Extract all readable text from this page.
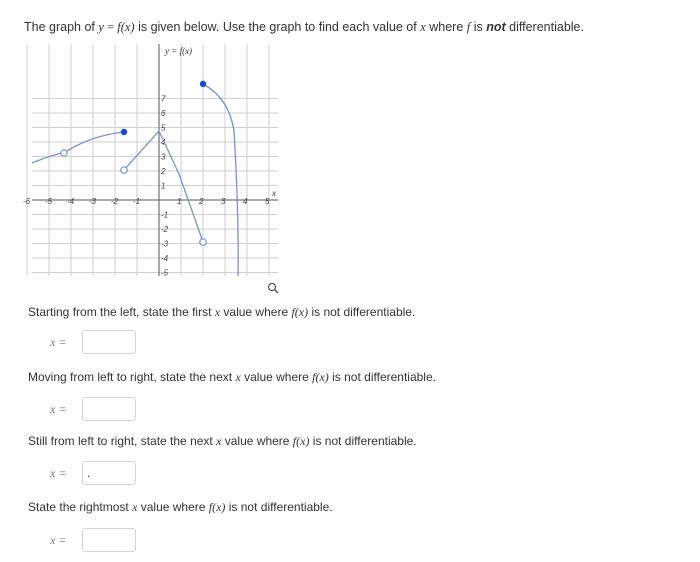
The graph of y = f(x) is given below. Use the graph to find each value of x where f is not differentiable.
x
y = f(x)
-6 -5 -4 -3 -2 -1	1 2 3 4 5
7
6
5
4
3
2
1
-1
-2
-3
-4
-5
Starting from the left, state the first x value where f(x) is not differentiable.
x =
Moving from left to right, state the next x value where f(x) is not differentiable.
x =
Still from left to right, state the next x value where f(x) is not differentiable.
x =
.
State the rightmost x value where f(x) is not differentiable.
x =
